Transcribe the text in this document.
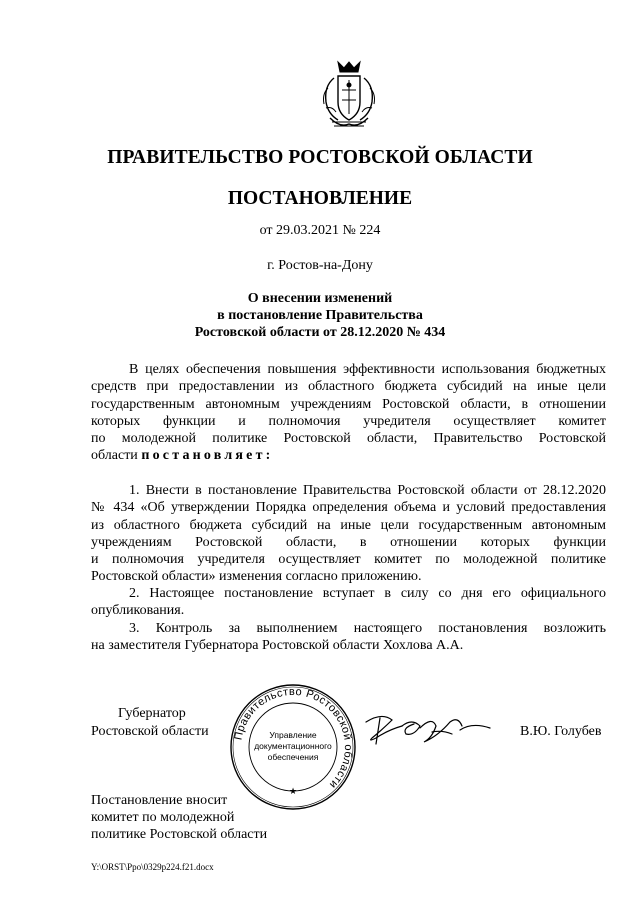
ПРАВИТЕЛЬСТВО РОСТОВСКОЙ ОБЛАСТИ
ПОСТАНОВЛЕНИЕ
от 29.03.2021 № 224
г. Ростов-на-Дону
О внесении изменений
в постановление Правительства
Ростовской области от 28.12.2020 № 434
В целях обеспечения повышения эффективности использования бюджетных
средств при предоставлении из областного бюджета субсидий на иные цели
государственным автономным учреждениям Ростовской области, в отношении
которых функции и полномочия учредителя осуществляет комитет
по молодежной политике Ростовской области, Правительство Ростовской
области постановляет:
1. Внести в постановление Правительства Ростовской области от 28.12.2020
№ 434 «Об утверждении Порядка определения объема и условий предоставления
из областного бюджета субсидий на иные цели государственным автономным
учреждениям Ростовской области, в отношении которых функции
и полномочия учредителя осуществляет комитет по молодежной политике
Ростовской области» изменения согласно приложению.
2. Настоящее постановление вступает в силу со дня его официального
опубликования.
3. Контроль за выполнением настоящего постановления возложить
на заместителя Губернатора Ростовской области Хохлова А.А.
Губернатор
Ростовской области Правительство Ростовской области
Управление
документационного
обеспечения
★
В.Ю. Голубев
Постановление вносит
комитет по молодежной
политике Ростовской области
Y:\ORST\Ppo\0329p224.f21.docx
